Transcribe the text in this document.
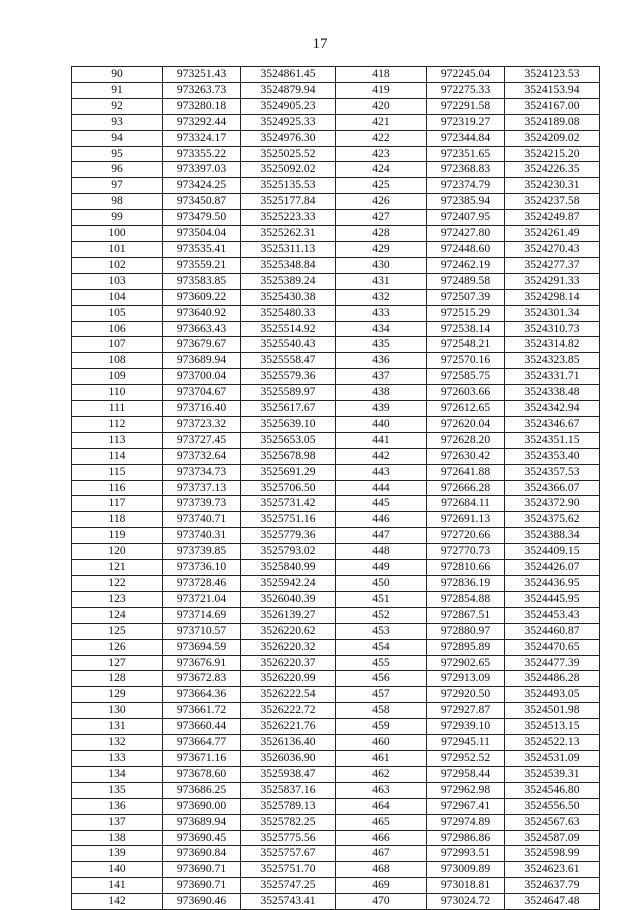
17
90	973251.43	3524861.45	418	972245.04	3524123.53
91	973263.73	3524879.94	419	972275.33	3524153.94
92	973280.18	3524905.23	420	972291.58	3524167.00
93	973292.44	3524925.33	421	972319.27	3524189.08
94	973324.17	3524976.30	422	972344.84	3524209.02
95	973355.22	3525025.52	423	972351.65	3524215.20
96	973397.03	3525092.02	424	972368.83	3524226.35
97	973424.25	3525135.53	425	972374.79	3524230.31
98	973450.87	3525177.84	426	972385.94	3524237.58
99	973479.50	3525223.33	427	972407.95	3524249.87
100	973504.04	3525262.31	428	972427.80	3524261.49
101	973535.41	3525311.13	429	972448.60	3524270.43
102	973559.21	3525348.84	430	972462.19	3524277.37
103	973583.85	3525389.24	431	972489.58	3524291.33
104	973609.22	3525430.38	432	972507.39	3524298.14
105	973640.92	3525480.33	433	972515.29	3524301.34
106	973663.43	3525514.92	434	972538.14	3524310.73
107	973679.67	3525540.43	435	972548.21	3524314.82
108	973689.94	3525558.47	436	972570.16	3524323.85
109	973700.04	3525579.36	437	972585.75	3524331.71
110	973704.67	3525589.97	438	972603.66	3524338.48
111	973716.40	3525617.67	439	972612.65	3524342.94
112	973723.32	3525639.10	440	972620.04	3524346.67
113	973727.45	3525653.05	441	972628.20	3524351.15
114	973732.64	3525678.98	442	972630.42	3524353.40
115	973734.73	3525691.29	443	972641.88	3524357.53
116	973737.13	3525706.50	444	972666.28	3524366.07
117	973739.73	3525731.42	445	972684.11	3524372.90
118	973740.71	3525751.16	446	972691.13	3524375.62
119	973740.31	3525779.36	447	972720.66	3524388.34
120	973739.85	3525793.02	448	972770.73	3524409.15
121	973736.10	3525840.99	449	972810.66	3524426.07
122	973728.46	3525942.24	450	972836.19	3524436.95
123	973721.04	3526040.39	451	972854.88	3524445.95
124	973714.69	3526139.27	452	972867.51	3524453.43
125	973710.57	3526220.62	453	972880.97	3524460.87
126	973694.59	3526220.32	454	972895.89	3524470.65
127	973676.91	3526220.37	455	972902.65	3524477.39
128	973672.83	3526220.99	456	972913.09	3524486.28
129	973664.36	3526222.54	457	972920.50	3524493.05
130	973661.72	3526222.72	458	972927.87	3524501.98
131	973660.44	3526221.76	459	972939.10	3524513.15
132	973664.77	3526136.40	460	972945.11	3524522.13
133	973671.16	3526036.90	461	972952.52	3524531.09
134	973678.60	3525938.47	462	972958.44	3524539.31
135	973686.25	3525837.16	463	972962.98	3524546.80
136	973690.00	3525789.13	464	972967.41	3524556.50
137	973689.94	3525782.25	465	972974.89	3524567.63
138	973690.45	3525775.56	466	972986.86	3524587.09
139	973690.84	3525757.67	467	972993.51	3524598.99
140	973690.71	3525751.70	468	973009.89	3524623.61
141	973690.71	3525747.25	469	973018.81	3524637.79
142	973690.46	3525743.41	470	973024.72	3524647.48
